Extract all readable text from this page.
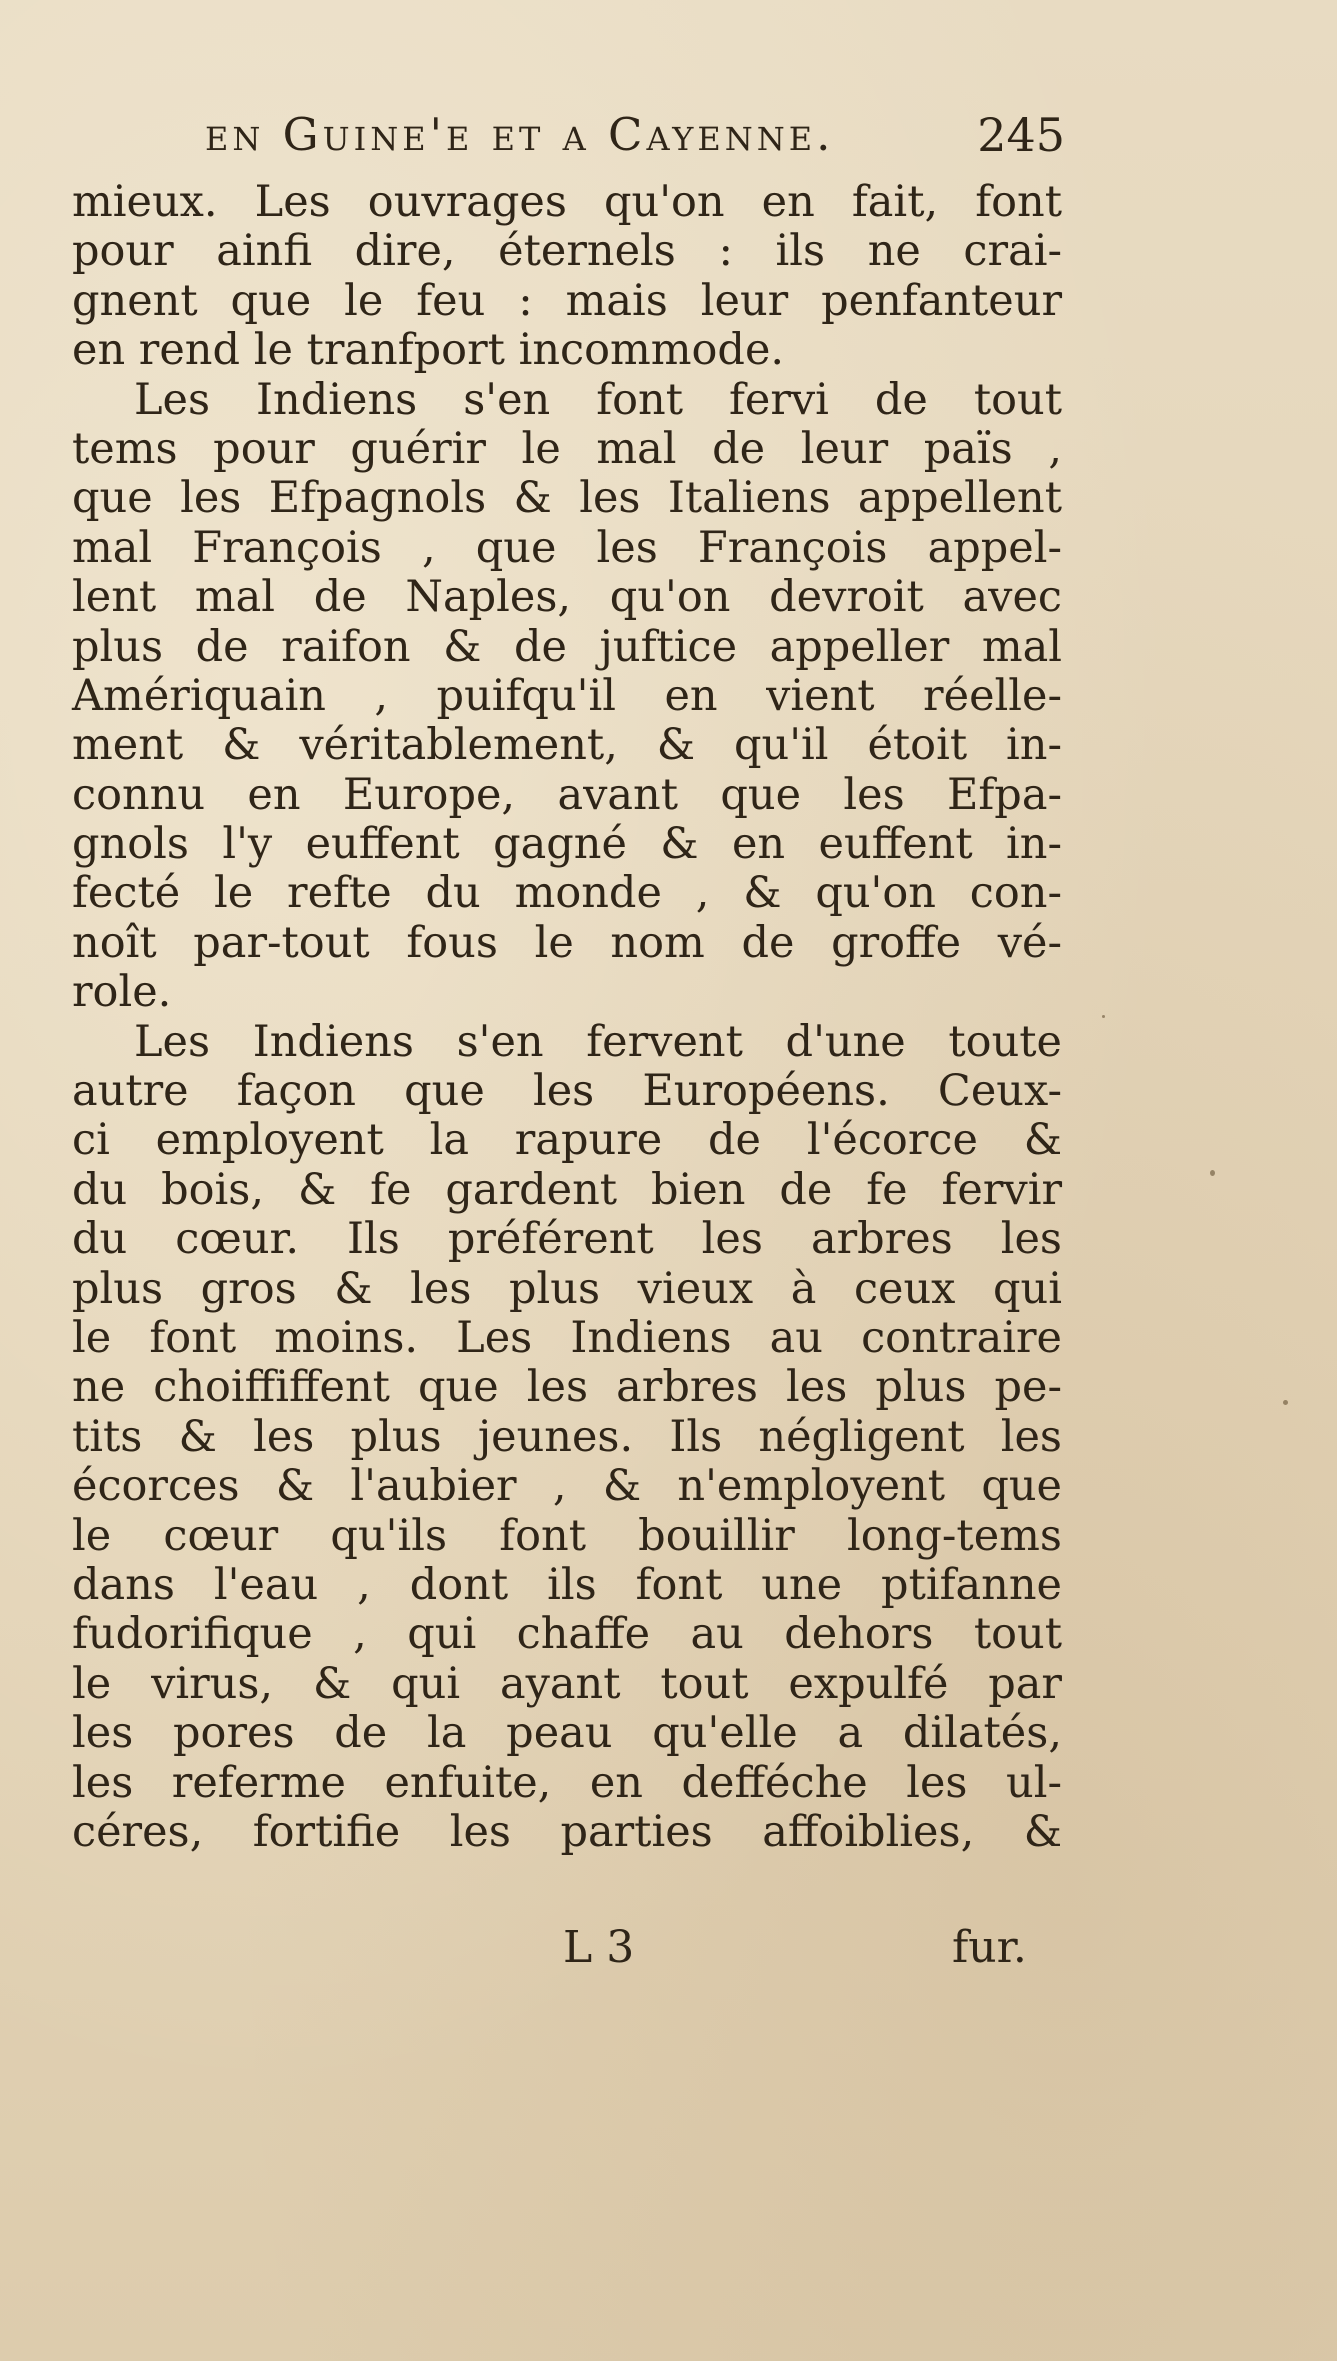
en Guine'e et a Cayenne.	245
mieux. Les ouvrages qu'on en fait, font
pour ainfi dire, éternels : ils ne crai-
gnent que le feu : mais leur penfanteur
en rend le tranfport incommode.
Les Indiens s'en font fervi de tout
tems pour guérir le mal de leur païs ,
que les Efpagnols & les Italiens appellent
mal François , que les François appel-
lent mal de Naples, qu'on devroit avec
plus de raifon & de juftice appeller mal
Amériquain , puifqu'il en vient réelle-
ment & véritablement, & qu'il étoit in-
connu en Europe, avant que les Efpa-
gnols l'y euffent gagné & en euffent in-
fecté le refte du monde , & qu'on con-
noît par-tout fous le nom de groffe vé-
role.
Les Indiens s'en fervent d'une toute
autre façon que les Européens. Ceux-
ci employent la rapure de l'écorce &
du bois, & fe gardent bien de fe fervir
du cœur. Ils préférent les arbres les
plus gros & les plus vieux à ceux qui
le font moins. Les Indiens au contraire
ne choiffiffent que les arbres les plus pe-
tits & les plus jeunes. Ils négligent les
écorces & l'aubier , & n'employent que
le cœur qu'ils font bouillir long-tems
dans l'eau , dont ils font une ptifanne
fudorifique , qui chaffe au dehors tout
le virus, & qui ayant tout expulfé par
les pores de la peau qu'elle a dilatés,
les referme enfuite, en defféche les ul-
céres, fortifie les parties affoiblies, &
L 3	fur.
